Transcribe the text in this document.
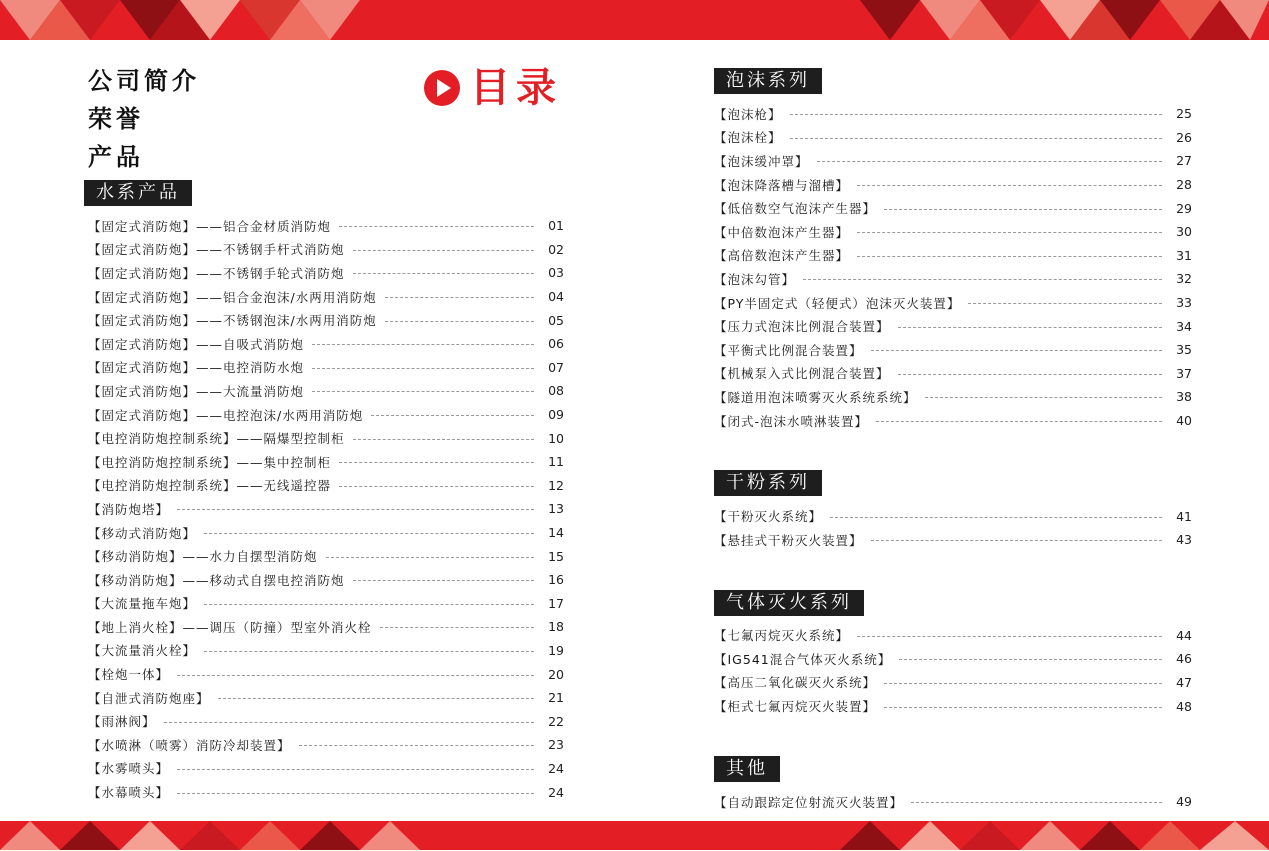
公司简介
荣誉
产品
水系产品
【固定式消防炮】——铝合金材质消防炮	01
【固定式消防炮】——不锈钢手杆式消防炮	02
【固定式消防炮】——不锈钢手轮式消防炮	03
【固定式消防炮】——铝合金泡沫/水两用消防炮	04
【固定式消防炮】——不锈钢泡沫/水两用消防炮	05
【固定式消防炮】——自吸式消防炮	06
【固定式消防炮】——电控消防水炮	07
【固定式消防炮】——大流量消防炮	08
【固定式消防炮】——电控泡沫/水两用消防炮	09
【电控消防炮控制系统】——隔爆型控制柜	10
【电控消防炮控制系统】——集中控制柜	11
【电控消防炮控制系统】——无线遥控器	12
【消防炮塔】	13
【移动式消防炮】	14
【移动消防炮】——水力自摆型消防炮	15
【移动消防炮】——移动式自摆电控消防炮	16
【大流量拖车炮】	17
【地上消火栓】——调压（防撞）型室外消火栓	18
【大流量消火栓】	19
【栓炮一体】	20
【自泄式消防炮座】	21
【雨淋阀】	22
【水喷淋（喷雾）消防冷却装置】	23
【水雾喷头】	24
【水幕喷头】	24
目录	泡沫系列
【泡沫枪】	25
【泡沫栓】	26
【泡沫缓冲罩】	27
【泡沫降落槽与溜槽】	28
【低倍数空气泡沫产生器】	29
【中倍数泡沫产生器】	30
【高倍数泡沫产生器】	31
【泡沫勾管】	32
【PY半固定式（轻便式）泡沫灭火装置】	33
【压力式泡沫比例混合装置】	34
【平衡式比例混合装置】	35
【机械泵入式比例混合装置】	37
【隧道用泡沫喷雾灭火系统系统】	38
【闭式-泡沫水喷淋装置】	40
干粉系列
【干粉灭火系统】	41
【悬挂式干粉灭火装置】	43
气体灭火系列
【七氟丙烷灭火系统】	44
【IG541混合气体灭火系统】	46
【高压二氧化碳灭火系统】	47
【柜式七氟丙烷灭火装置】	48
其他
【自动跟踪定位射流灭火装置】	49
